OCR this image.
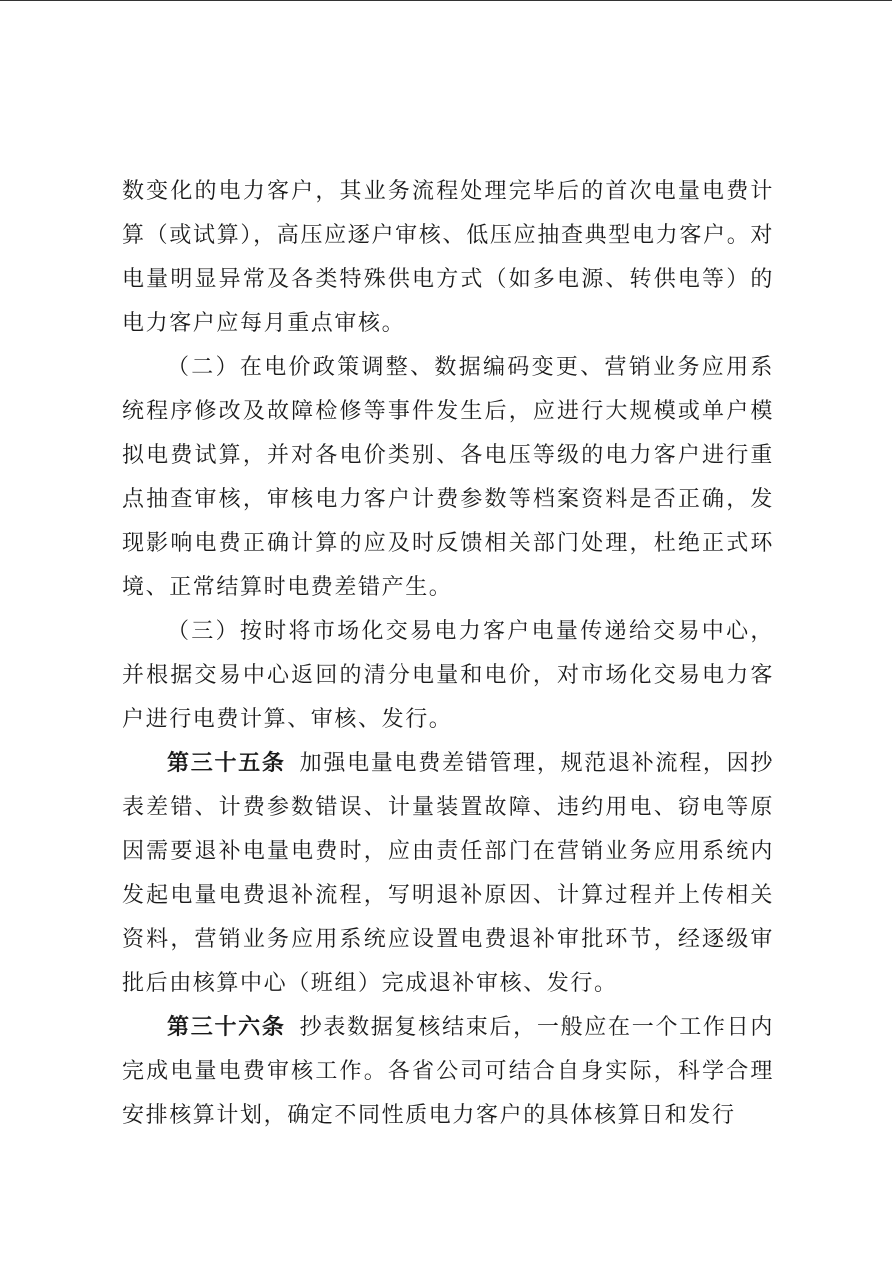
数变化的电力客户，其业务流程处理完毕后的首次电量电费计算（或试算），高压应逐户审核、低压应抽查典型电力客户。对电量明显异常及各类特殊供电方式（如多电源、转供电等）的电力客户应每月重点审核。

（二）在电价政策调整、数据编码变更、营销业务应用系统程序修改及故障检修等事件发生后，应进行大规模或单户模拟电费试算，并对各电价类别、各电压等级的电力客户进行重点抽查审核，审核电力客户计费参数等档案资料是否正确，发现影响电费正确计算的应及时反馈相关部门处理，杜绝正式环境、正常结算时电费差错产生。

（三）按时将市场化交易电力客户电量传递给交易中心，并根据交易中心返回的清分电量和电价，对市场化交易电力客户进行电费计算、审核、发行。

第三十五条 加强电量电费差错管理，规范退补流程，因抄表差错、计费参数错误、计量装置故障、违约用电、窃电等原因需要退补电量电费时，应由责任部门在营销业务应用系统内发起电量电费退补流程，写明退补原因、计算过程并上传相关资料，营销业务应用系统应设置电费退补审批环节，经逐级审批后由核算中心（班组）完成退补审核、发行。

第三十六条 抄表数据复核结束后，一般应在一个工作日内完成电量电费审核工作。各省公司可结合自身实际，科学合理安排核算计划，确定不同性质电力客户的具体核算日和发行
